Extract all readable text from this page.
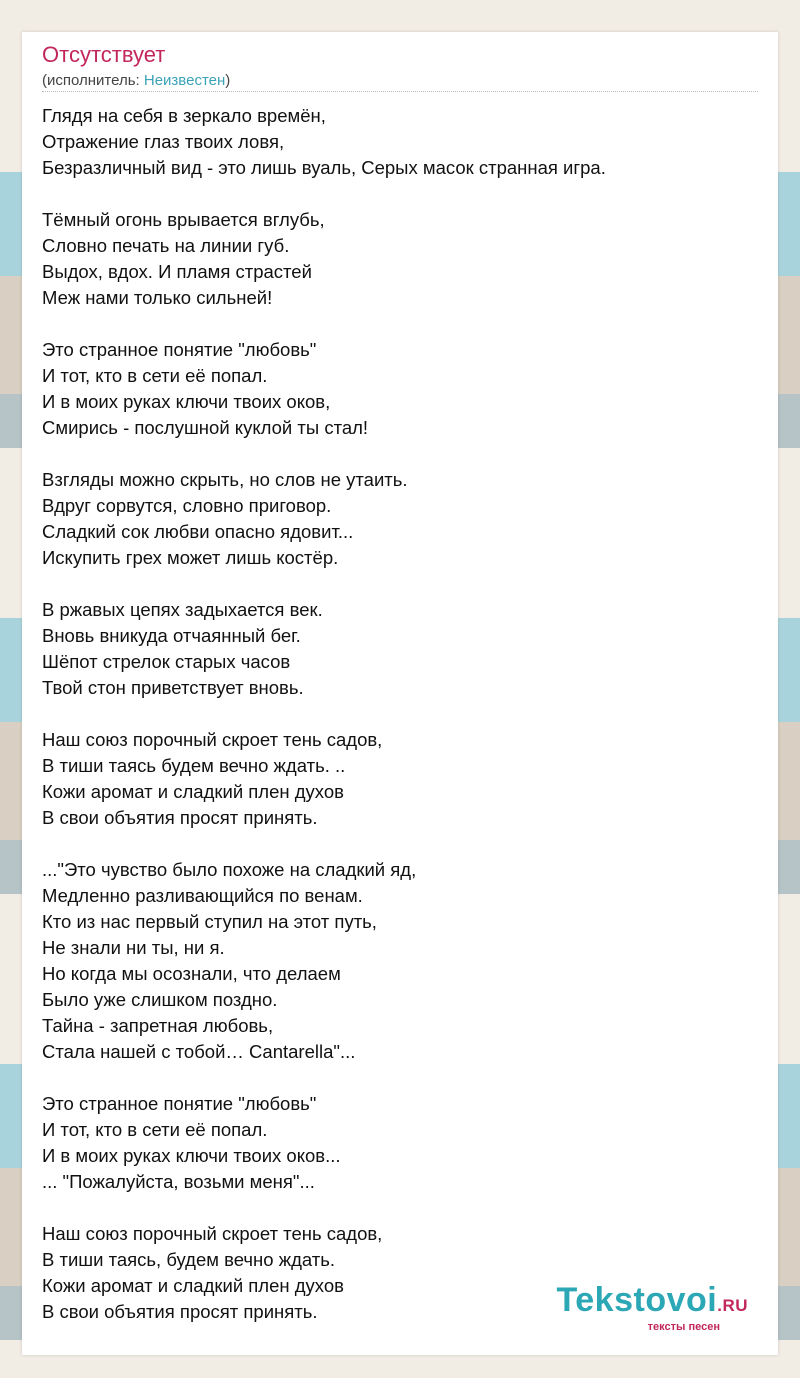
Отсутствует
(исполнитель: Неизвестен)
Глядя на себя в зеркало времён,
Отражение глаз твоих ловя,
Безразличный вид - это лишь вуаль, Серых масок странная игра.
Тёмный огонь врывается вглубь,
Словно печать на линии губ.
Выдох, вдох. И пламя страстей
Меж нами только сильней!
Это странное понятие "любовь"
И тот, кто в сети её попал.
И в моих руках ключи твоих оков,
Смирись - послушной куклой ты стал!
Взгляды можно скрыть, но слов не утаить.
Вдруг сорвутся, словно приговор.
Сладкий сок любви опасно ядовит...
Искупить грех может лишь костёр.
В ржавых цепях задыхается век.
Вновь вникуда отчаянный бег.
Шёпот стрелок старых часов
Твой стон приветствует вновь.
Наш союз порочный скроет тень садов,
В тиши таясь будем вечно ждать. ..
Кожи аромат и сладкий плен духов
В свои объятия просят принять.
..."Это чувство было похоже на сладкий яд,
Медленно разливающийся по венам.
Кто из нас первый ступил на этот путь,
Не знали ни ты, ни я.
Но когда мы осознали, что делаем
Было уже слишком поздно.
Тайна - запретная любовь,
Стала нашей с тобой… Cantarella"...
Это странное понятие "любовь"
И тот, кто в сети её попал.
И в моих руках ключи твоих оков...
... "Пожалуйста, возьми меня"...
Наш союз порочный скроет тень садов,
В тиши таясь, будем вечно ждать.
Кожи аромат и сладкий плен духов
В свои объятия просят принять.	Tekstovoi.RU
тексты песен
